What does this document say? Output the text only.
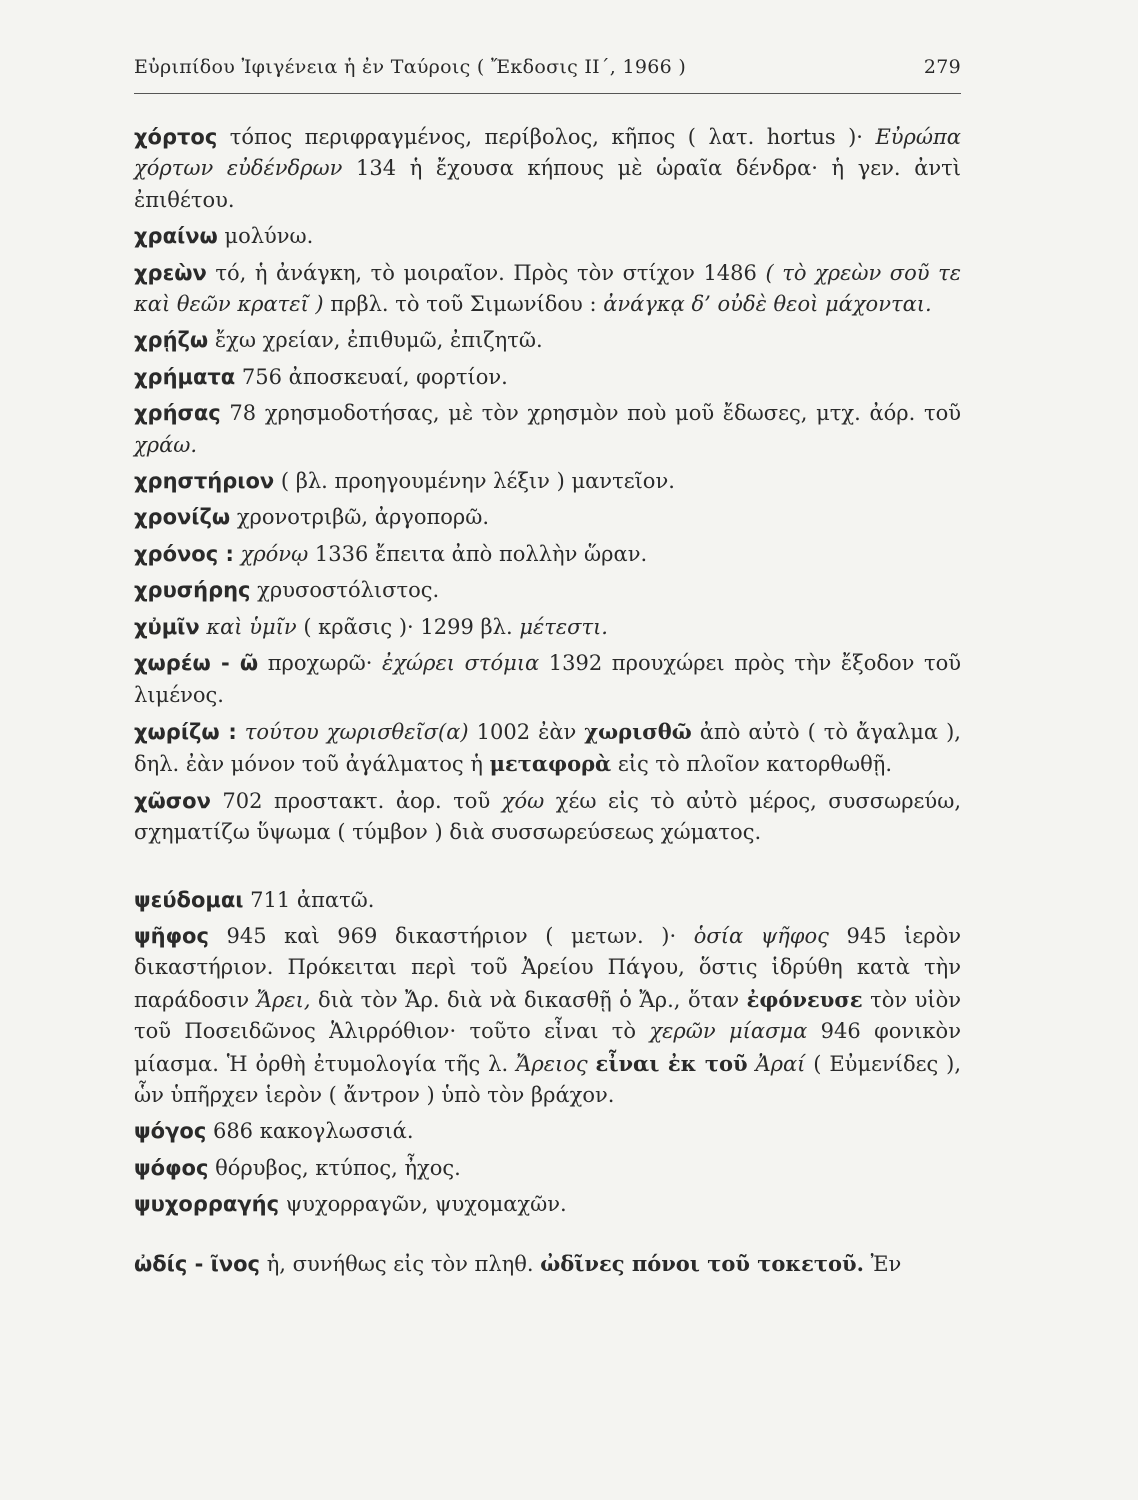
Εὐριπίδου Ἰφιγένεια ἡ ἐν Ταύροις ( Ἔκδοσις ΙΙ΄, 1966 )	279

χόρτος τόπος περιφραγμένος, περίβολος, κῆπος ( λατ. hortus )· Εὐρώπα χόρτων εὐδένδρων 134 ἡ ἔχουσα κήπους μὲ ὡραῖα δένδρα· ἡ γεν. ἀντὶ ἐπιθέτου.

χραίνω μολύνω.

χρεὼν τό, ἡ ἀνάγκη, τὸ μοιραῖον. Πρὸς τὸν στίχον 1486 ( τὸ χρεὼν σοῦ τε καὶ θεῶν κρατεῖ ) πρβλ. τὸ τοῦ Σιμωνίδου : ἀνάγκᾳ δ’ οὐδὲ θεοὶ μάχονται.

χρῄζω ἔχω χρείαν, ἐπιθυμῶ, ἐπιζητῶ.

χρήματα 756 ἀποσκευαί, φορτίον.

χρήσας 78 χρησμοδοτήσας, μὲ τὸν χρησμὸν ποὺ μοῦ ἔδωσες, μτχ. ἀόρ. τοῦ χράω.

χρηστήριον ( βλ. προηγουμένην λέξιν ) μαντεῖον.

χρονίζω χρονοτριβῶ, ἀργοπορῶ.

χρόνος : χρόνῳ 1336 ἔπειτα ἀπὸ πολλὴν ὥραν.

χρυσήρης χρυσοστόλιστος.

χὐμῖν καὶ ὑμῖν ( κρᾶσις )· 1299 βλ. μέτεστι.

χωρέω - ῶ προχωρῶ· ἐχώρει στόμια 1392 προυχώρει πρὸς τὴν ἔξοδον τοῦ λιμένος.

χωρίζω : τούτου χωρισθεῖσ(α) 1002 ἐὰν χωρισθῶ ἀπὸ αὐτὸ ( τὸ ἄγαλμα ), δηλ. ἐὰν μόνον τοῦ ἀγάλματος ἡ μεταφορὰ εἰς τὸ πλοῖον κατορθωθῇ.

χῶσον 702 προστακτ. ἀορ. τοῦ χόω χέω εἰς τὸ αὐτὸ μέρος, συσσωρεύω, σχηματίζω ὕψωμα ( τύμβον ) διὰ συσσωρεύσεως χώματος.

ψεύδομαι 711 ἀπατῶ.

ψῆφος 945 καὶ 969 δικαστήριον ( μετων. )· ὁσία ψῆφος 945 ἱερὸν δικαστήριον. Πρόκειται περὶ τοῦ Ἀρείου Πάγου, ὅστις ἱδρύθη κατὰ τὴν παράδοσιν Ἄρει, διὰ τὸν Ἄρ. διὰ νὰ δικασθῇ ὁ Ἄρ., ὅταν ἐφόνευσε τὸν υἱὸν τοῦ Ποσειδῶνος Ἁλιρρόθιον· τοῦτο εἶναι τὸ χερῶν μίασμα 946 φονικὸν μίασμα. Ἡ ὀρθὴ ἐτυμολογία τῆς λ. Ἄρειος εἶναι ἐκ τοῦ Ἀραί ( Εὐμενίδες ), ὧν ὑπῆρχεν ἱερὸν ( ἄντρον ) ὑπὸ τὸν βράχον.

ψόγος 686 κακογλωσσιά.

ψόφος θόρυβος, κτύπος, ἦχος.

ψυχορραγής ψυχορραγῶν, ψυχομαχῶν.

ὠδίς - ῖνος ἡ, συνήθως εἰς τὸν πληθ. ὠδῖνες πόνοι τοῦ τοκετοῦ. Ἐν
